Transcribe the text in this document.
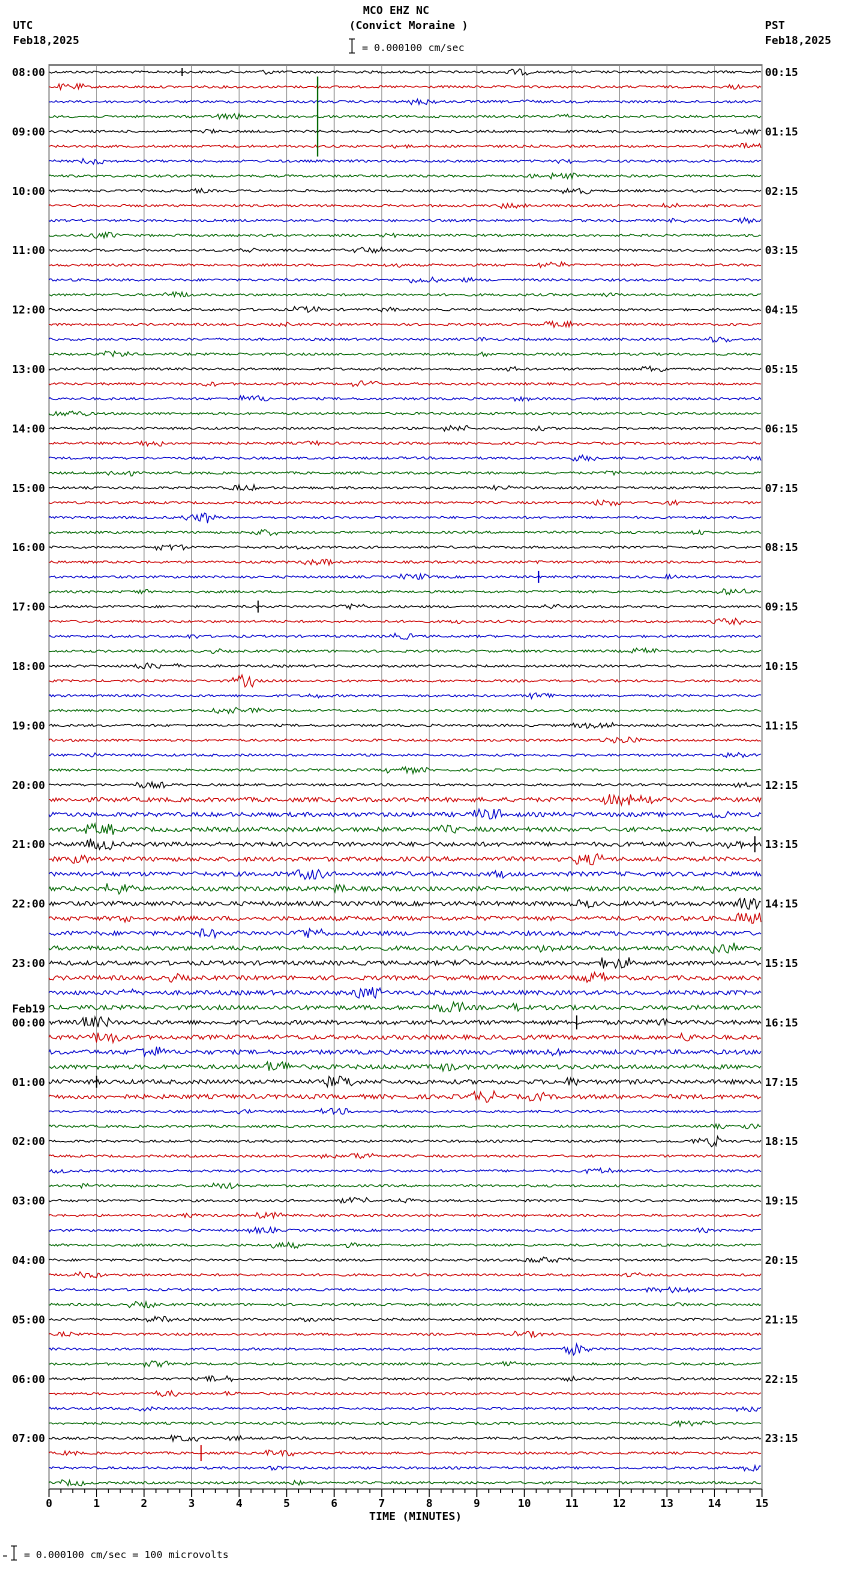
MCO EHZ NC
(Convict Moraine )
= 0.000100 cm/sec
UTC
Feb18,2025
PST
Feb18,2025
= 0.000100 cm/sec = 100 microvolts
0	1	2	3	4	5	6	7	8	9	10	11	12	13	14	15
TIME (MINUTES)
08:00
09:00
10:00
11:00
12:00
13:00
14:00
15:00
16:00
17:00
18:00
19:00
20:00
21:00
22:00
23:00
00:00
01:00
02:00
03:00
04:00
05:00
06:00
07:00
Feb19
00:15
01:15
02:15
03:15
04:15
05:15
06:15
07:15
08:15
09:15
10:15
11:15
12:15
13:15
14:15
15:15
16:15
17:15
18:15
19:15
20:15
21:15
22:15
23:15
